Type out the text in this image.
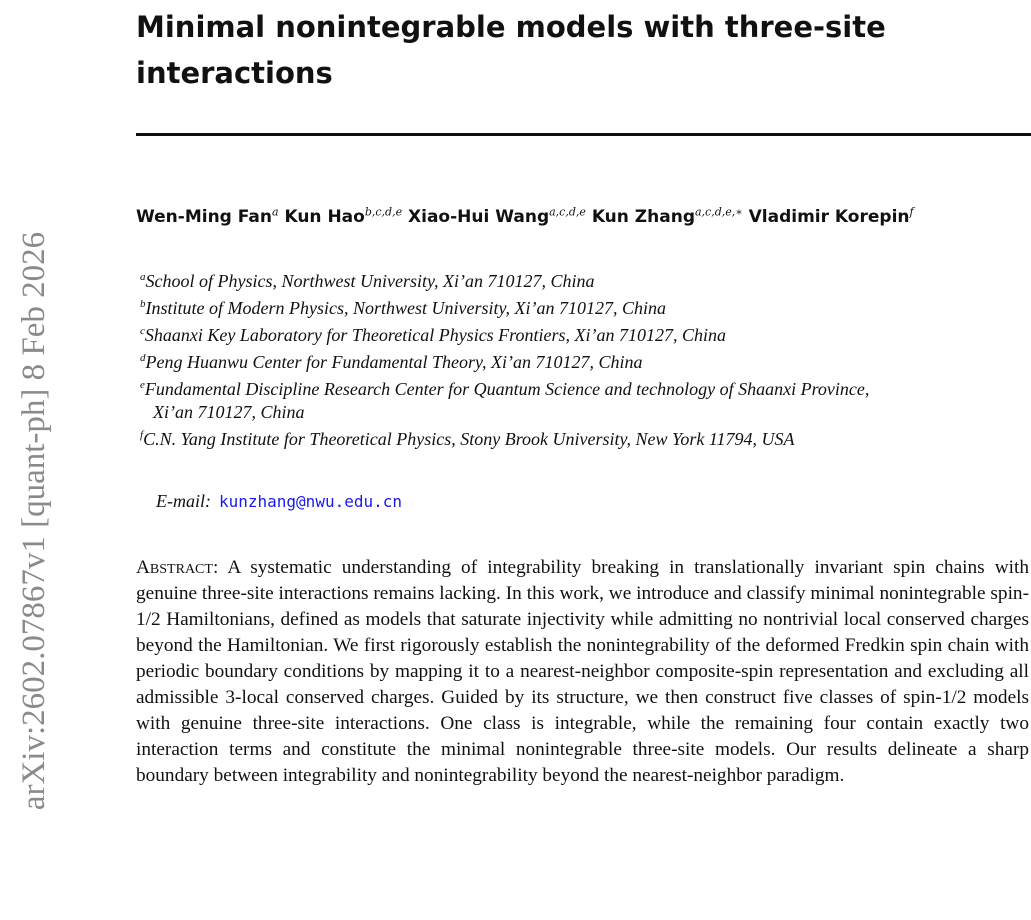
arXiv:2602.07867v1 [quant-ph] 8 Feb 2026
Minimal nonintegrable models with three-site interactions
Wen-Ming Fan$^a$ Kun Hao$^{b,c,d,e}$ Xiao-Hui Wang$^{a,c,d,e}$ Kun Zhang$^{a,c,d,e,∗}$ Vladimir Korepin$^f$

$^a$School of Physics, Northwest University, Xi’an 710127, China

$^b$Institute of Modern Physics, Northwest University, Xi’an 710127, China

$^c$Shaanxi Key Laboratory for Theoretical Physics Frontiers, Xi’an 710127, China

$^d$Peng Huanwu Center for Fundamental Theory, Xi’an 710127, China

$^e$Fundamental Discipline Research Center for Quantum Science and technology of Shaanxi Province,
Xi’an 710127, China

$^f$C.N. Yang Institute for Theoretical Physics, Stony Brook University, New York 11794, USA

E-mail: kunzhang@nwu.edu.cn

Abstract: A systematic understanding of integrability breaking in translationally invariant spin chains with genuine three-site interactions remains lacking. In this work, we introduce and classify minimal nonintegrable spin-1/2 Hamiltonians, defined as models that saturate injectivity while admitting no nontrivial local conserved charges beyond the Hamiltonian. We first rigorously establish the nonintegrability of the deformed Fredkin spin chain with periodic boundary conditions by mapping it to a nearest-neighbor composite-spin representation and excluding all admissible 3-local conserved charges. Guided by its structure, we then construct five classes of spin-1/2 models with genuine three-site interactions. One class is integrable, while the remaining four contain exactly two interaction terms and constitute the minimal nonintegrable three-site models. Our results delineate a sharp boundary between integrability and nonintegrability beyond the nearest-neighbor paradigm.
